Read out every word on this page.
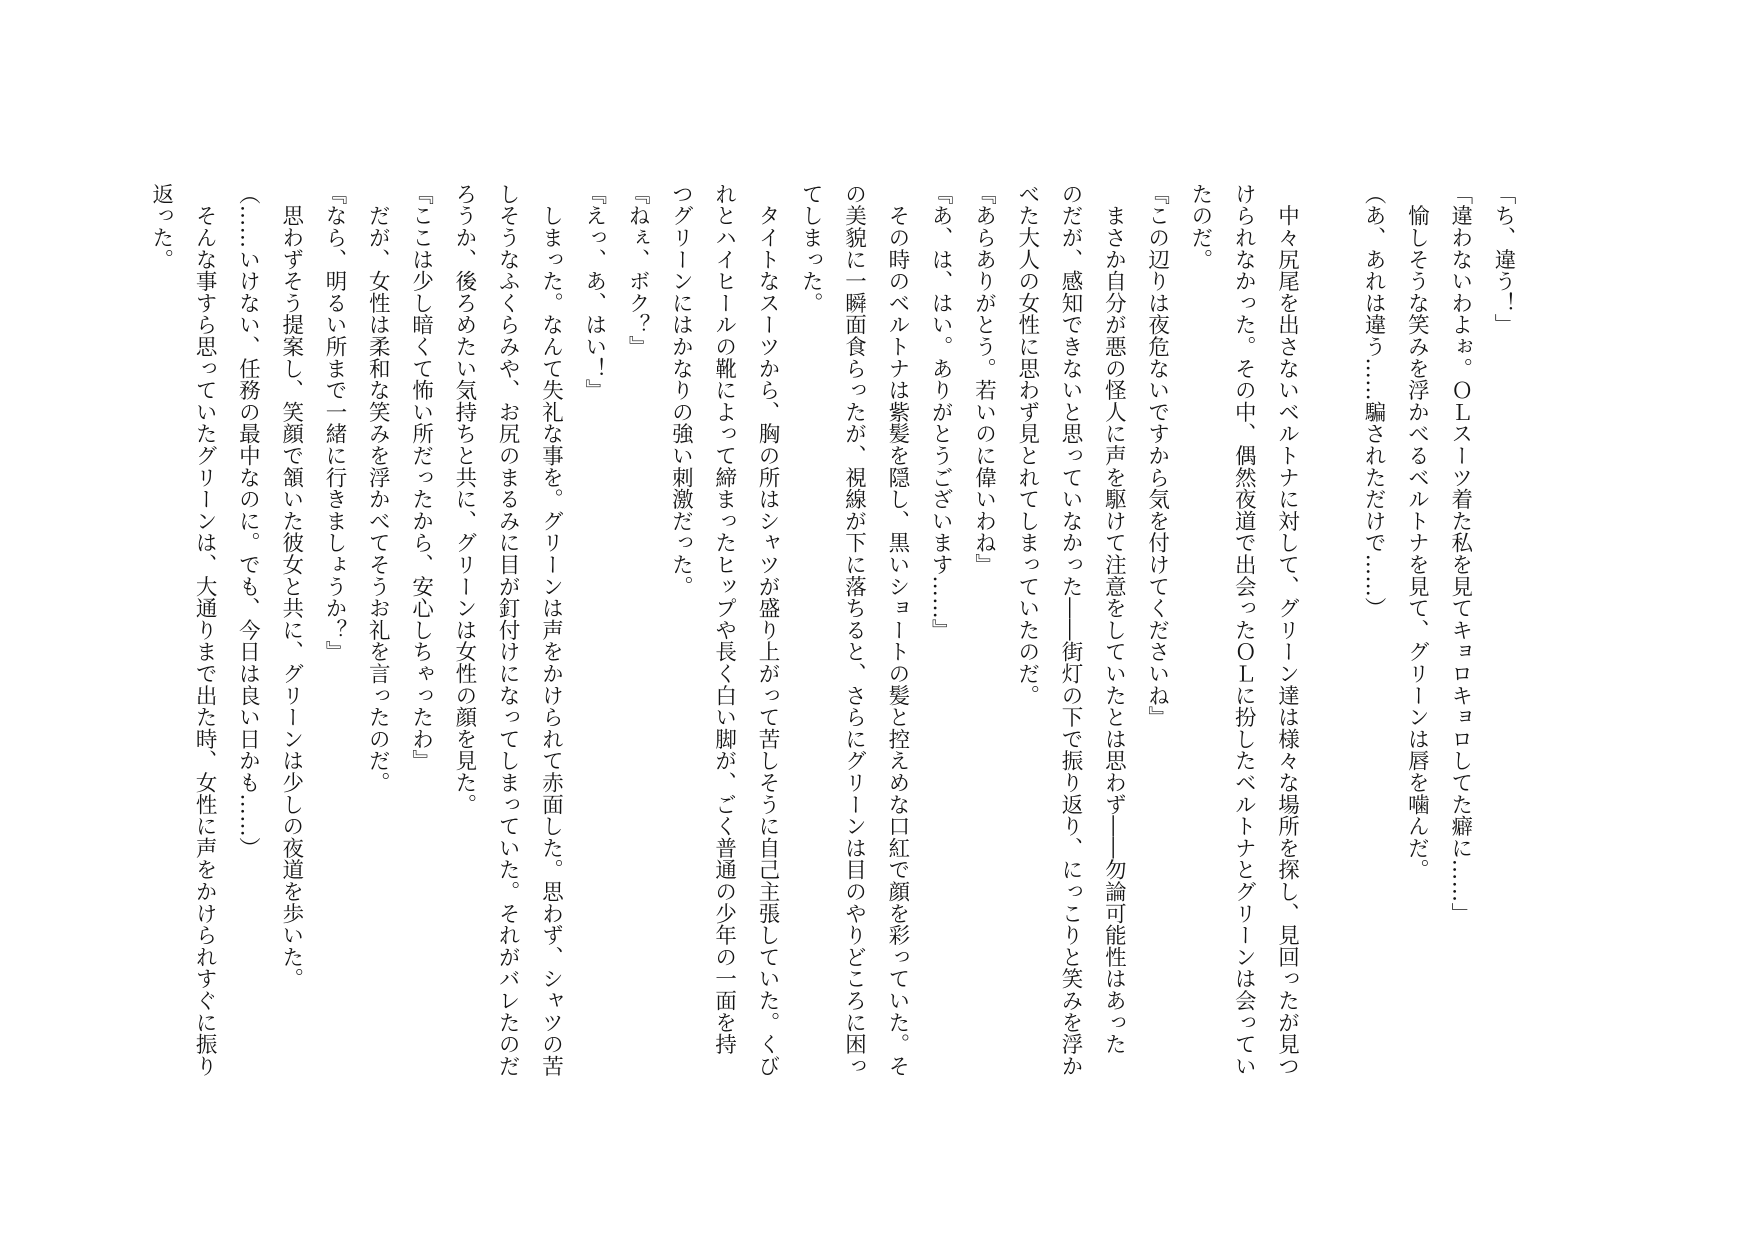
「ち、違う！」
「違わないわよぉ。ＯＬスーツ着た私を見てキョロキョロしてた癖に……」
　愉しそうな笑みを浮かべるベルトナを見て、グリーンは唇を噛んだ。
（あ、あれは違う……騙されただけで……）
　中々尻尾を出さないベルトナに対して、グリーン達は様々な場所を探し、見回ったが見つ
けられなかった。その中、偶然夜道で出会ったＯＬに扮したベルトナとグリーンは会ってい
たのだ。
『この辺りは夜危ないですから気を付けてくださいね』
　まさか自分が悪の怪人に声を駆けて注意をしていたとは思わず――勿論可能性はあった
のだが、感知できないと思っていなかった――街灯の下で振り返り、にっこりと笑みを浮か
べた大人の女性に思わず見とれてしまっていたのだ。
『あらありがとう。若いのに偉いわね』
『あ、は、はい。ありがとうございます……』
　その時のベルトナは紫髪を隠し、黒いショートの髪と控えめな口紅で顔を彩っていた。そ
の美貌に一瞬面食らったが、視線が下に落ちると、さらにグリーンは目のやりどころに困っ
てしまった。
　タイトなスーツから、胸の所はシャツが盛り上がって苦しそうに自己主張していた。くび
れとハイヒールの靴によって締まったヒップや長く白い脚が、ごく普通の少年の一面を持
つグリーンにはかなりの強い刺激だった。
『ねぇ、ボク？』
『えっ、あ、はい！』
　しまった。なんて失礼な事を。グリーンは声をかけられて赤面した。思わず、シャツの苦
しそうなふくらみや、お尻のまるみに目が釘付けになってしまっていた。それがバレたのだ
ろうか、後ろめたい気持ちと共に、グリーンは女性の顔を見た。
『ここは少し暗くて怖い所だったから、安心しちゃったわ』
　だが、女性は柔和な笑みを浮かべてそうお礼を言ったのだ。
『なら、明るい所まで一緒に行きましょうか？』
　思わずそう提案し、笑顔で頷いた彼女と共に、グリーンは少しの夜道を歩いた。
（……いけない、任務の最中なのに。でも、今日は良い日かも……）
　そんな事すら思っていたグリーンは、大通りまで出た時、女性に声をかけられすぐに振り
返った。
